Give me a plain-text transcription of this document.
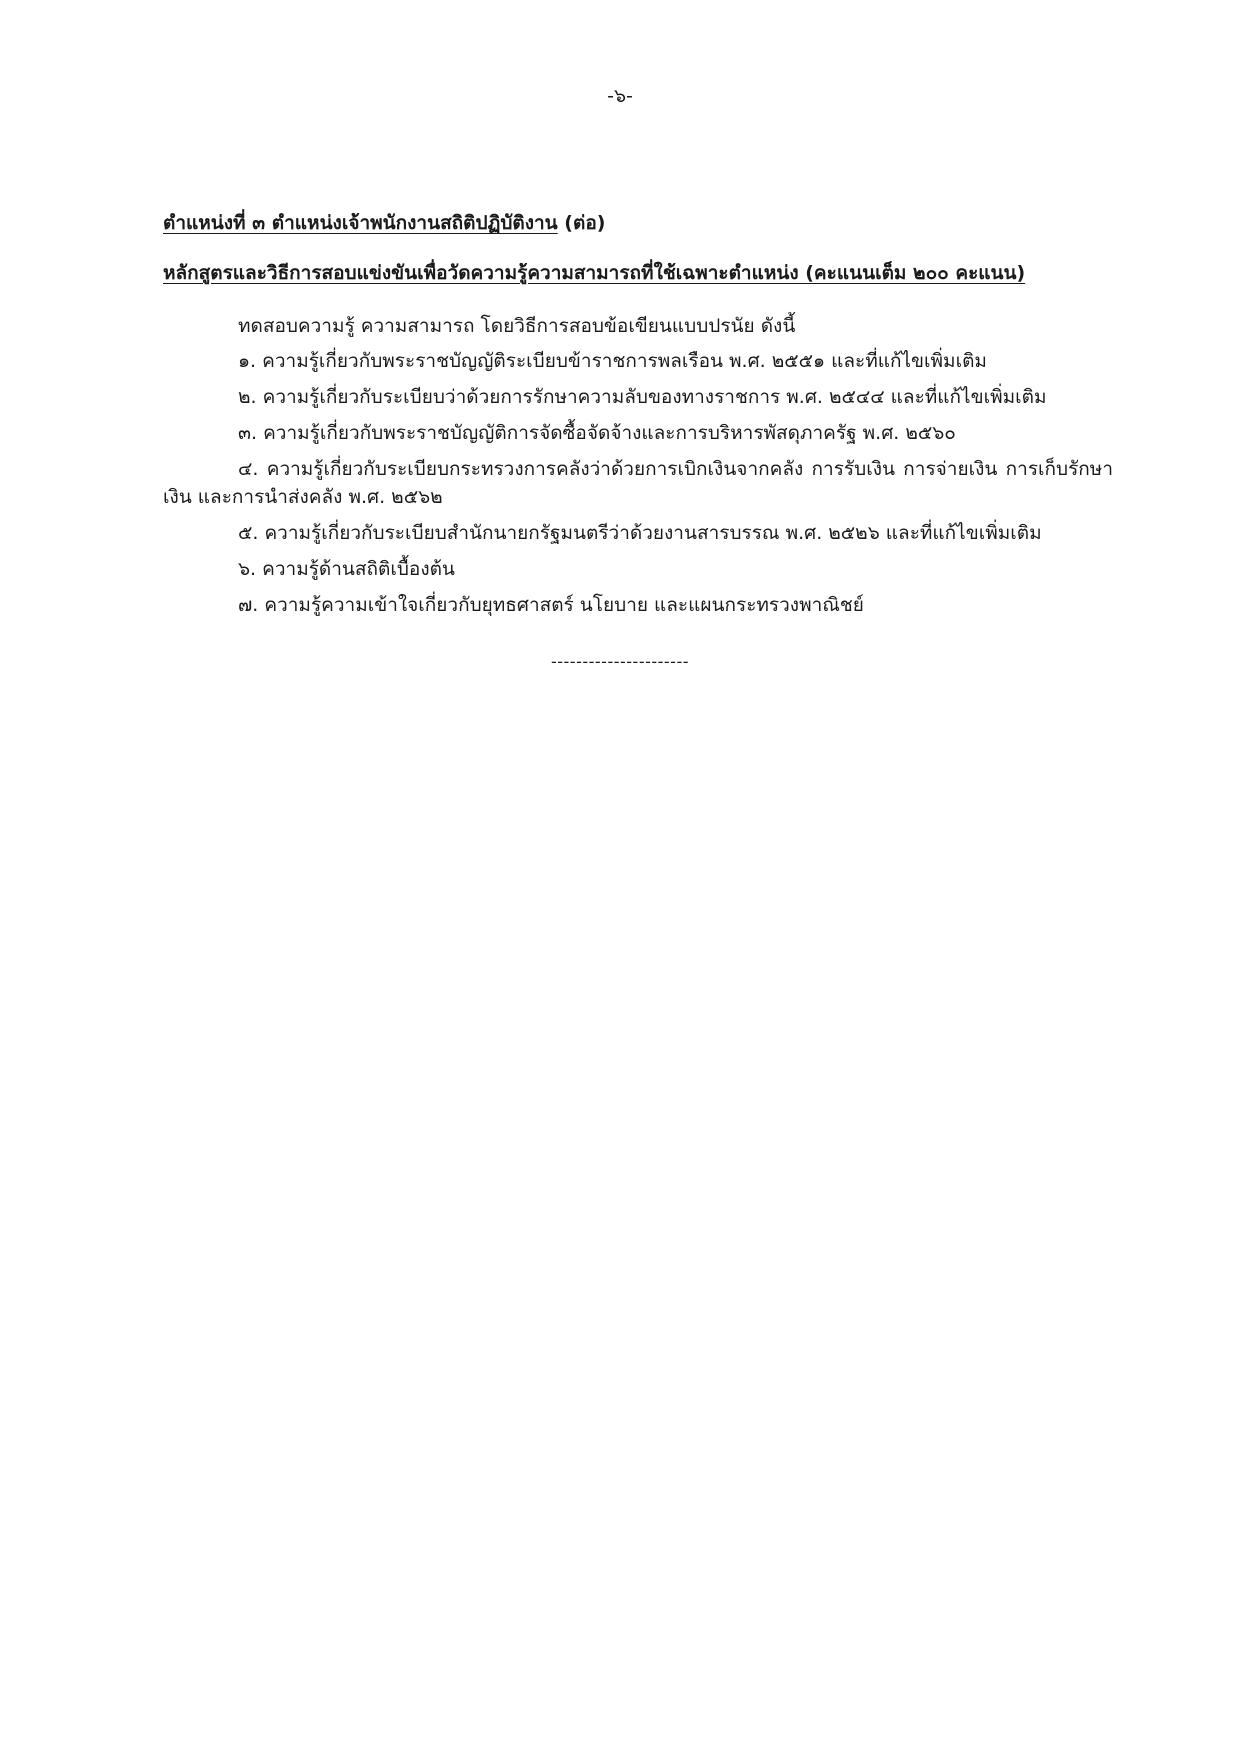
-๖-
ตำแหน่งที่ ๓ ตำแหน่งเจ้าพนักงานสถิติปฏิบัติงาน (ต่อ)
หลักสูตรและวิธีการสอบแข่งขันเพื่อวัดความรู้ความสามารถที่ใช้เฉพาะตำแหน่ง (คะแนนเต็ม ๒๐๐ คะแนน)
ทดสอบความรู้ ความสามารถ โดยวิธีการสอบข้อเขียนแบบปรนัย ดังนี้
๑. ความรู้เกี่ยวกับพระราชบัญญัติระเบียบข้าราชการพลเรือน พ.ศ. ๒๕๕๑ และที่แก้ไขเพิ่มเติม
๒. ความรู้เกี่ยวกับระเบียบว่าด้วยการรักษาความลับของทางราชการ พ.ศ. ๒๕๔๔ และที่แก้ไขเพิ่มเติม
๓. ความรู้เกี่ยวกับพระราชบัญญัติการจัดซื้อจัดจ้างและการบริหารพัสดุภาครัฐ พ.ศ. ๒๕๖๐
๔. ความรู้เกี่ยวกับระเบียบกระทรวงการคลังว่าด้วยการเบิกเงินจากคลัง การรับเงิน การจ่ายเงิน การเก็บรักษาเงิน และการนำส่งคลัง พ.ศ. ๒๕๖๒
๕. ความรู้เกี่ยวกับระเบียบสำนักนายกรัฐมนตรีว่าด้วยงานสารบรรณ พ.ศ. ๒๕๒๖ และที่แก้ไขเพิ่มเติม
๖. ความรู้ด้านสถิติเบื้องต้น
๗. ความรู้ความเข้าใจเกี่ยวกับยุทธศาสตร์ นโยบาย และแผนกระทรวงพาณิชย์
----------------------
